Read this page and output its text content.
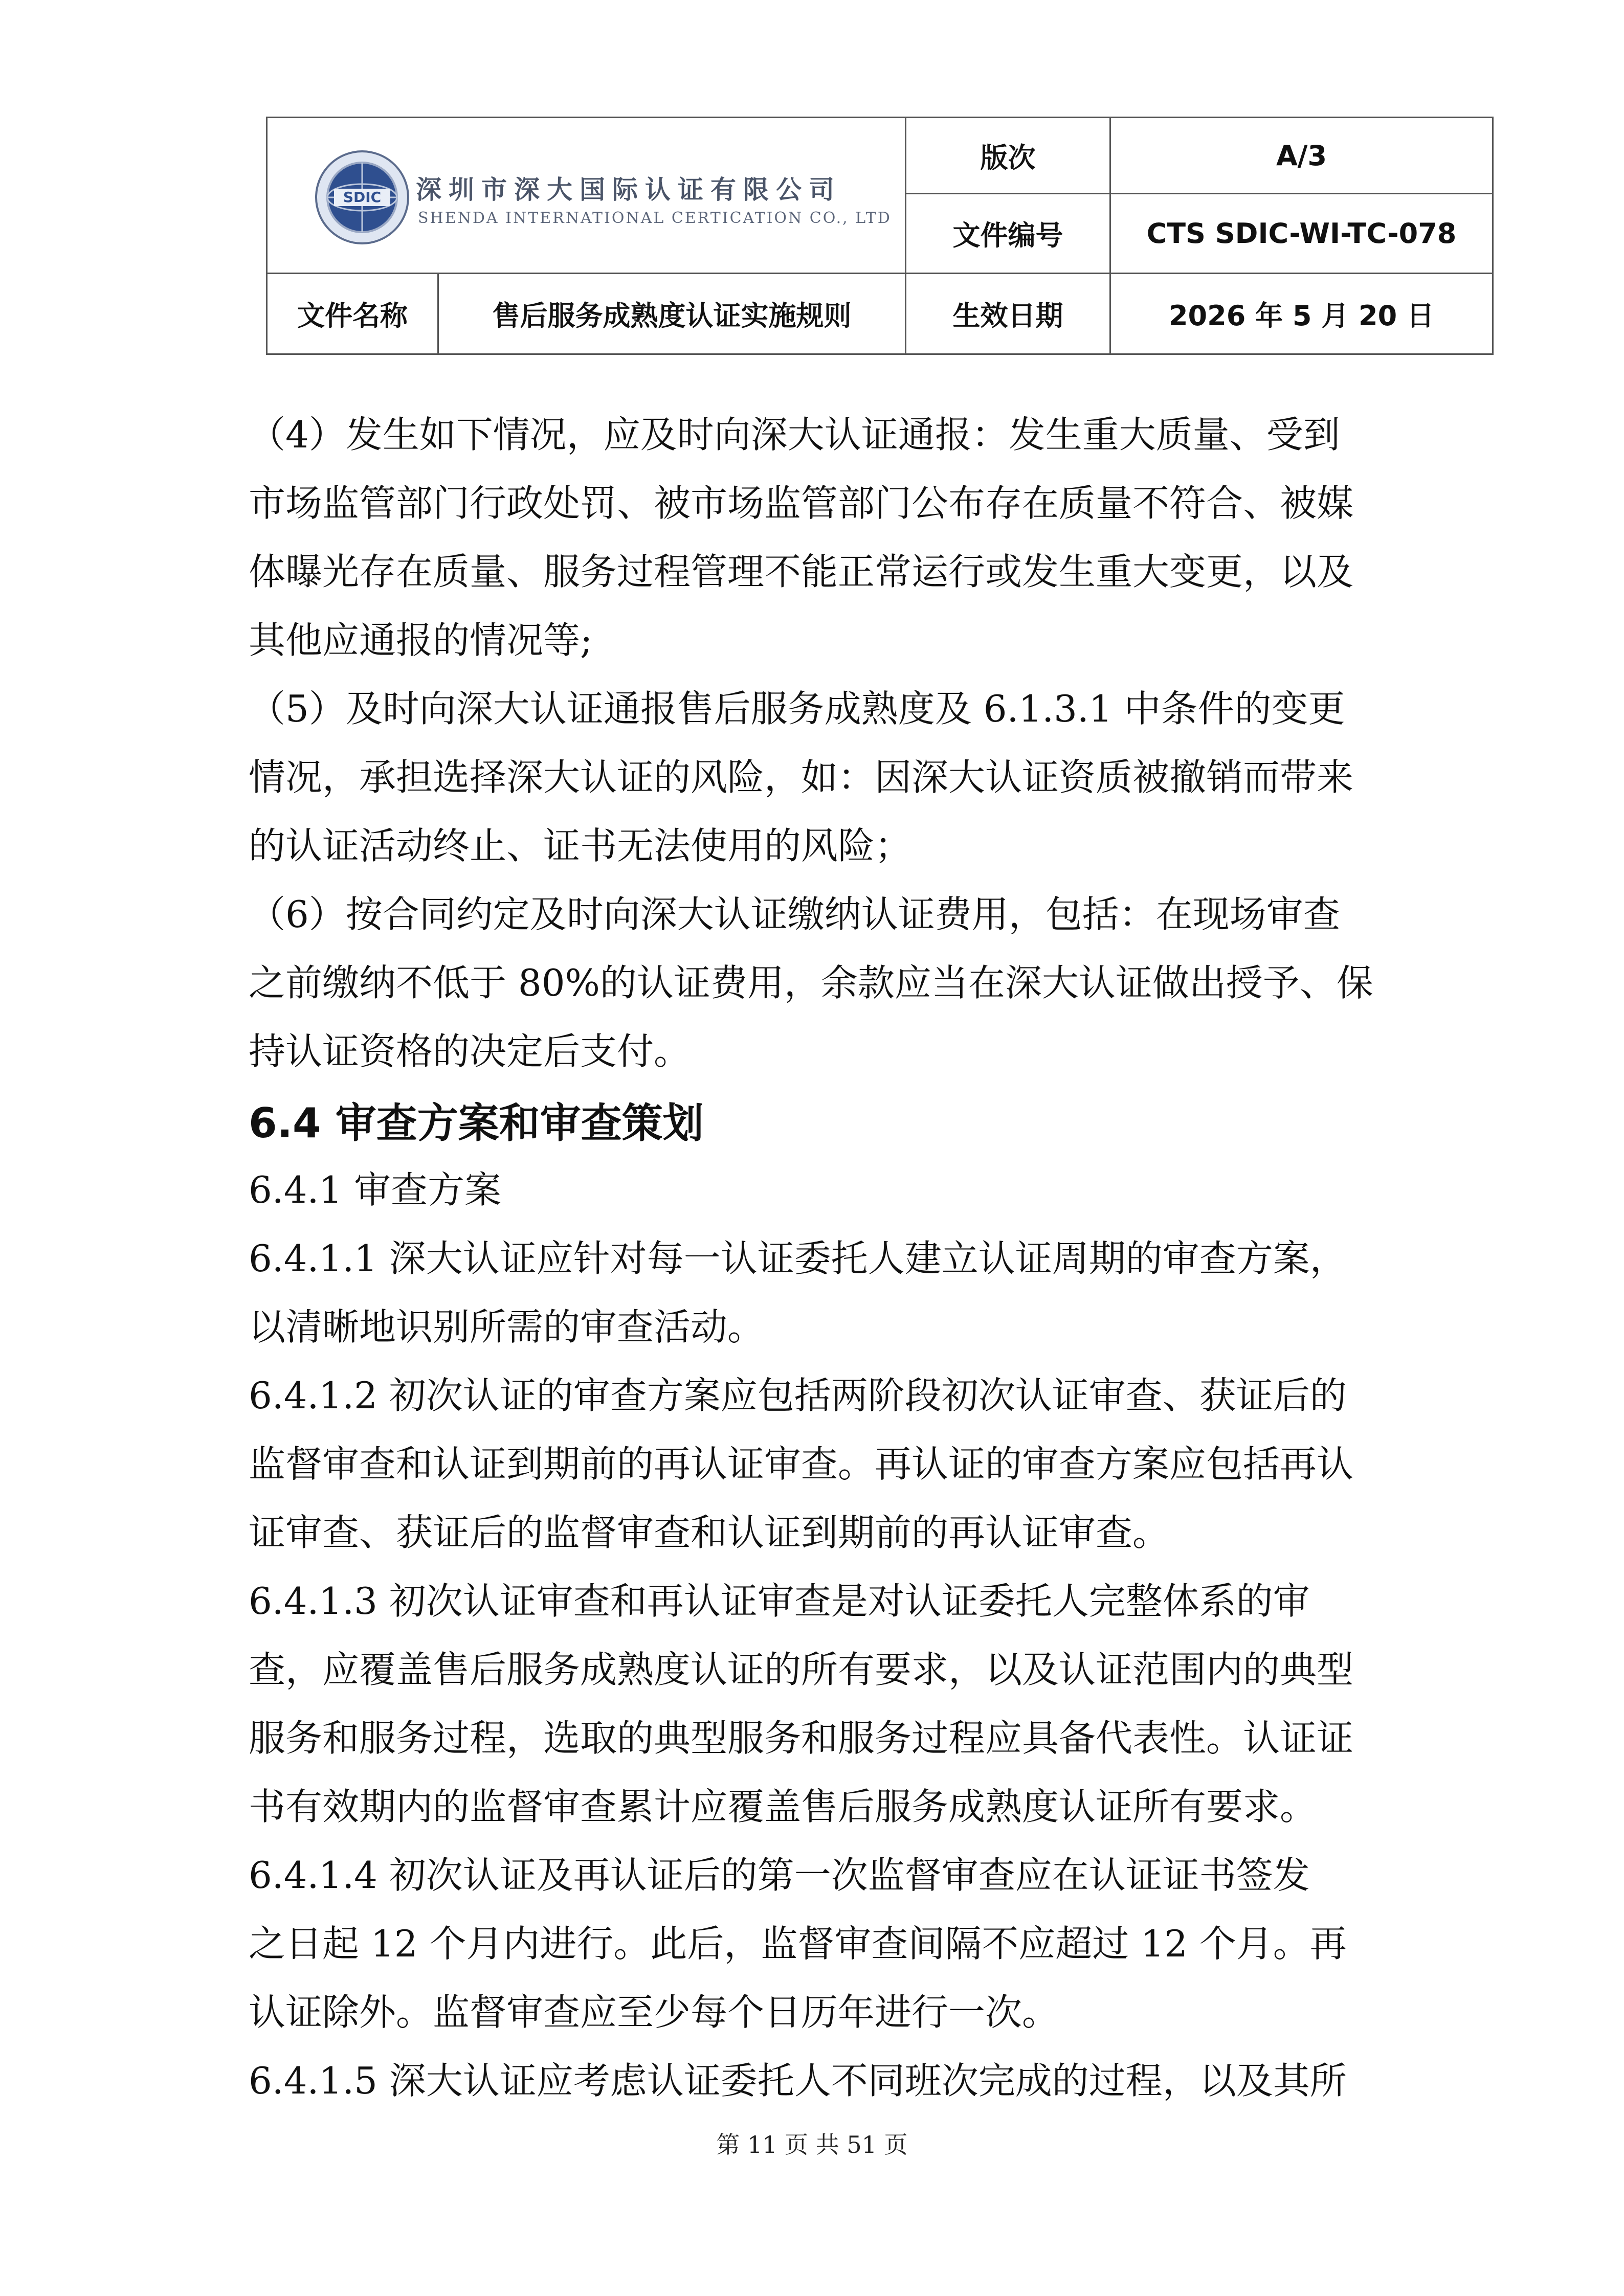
SDIC 深圳市深大国际认证有限公司
SHENDA INTERNATIONAL CERTICATION CO., LTD
版次	A/3
文件编号	CTS SDIC-WI-TC-078
文件名称	售后服务成熟度认证实施规则	生效日期	2026 年 5 月 20 日
（4）发生如下情况，应及时向深大认证通报：发生重大质量、受到
市场监管部门行政处罚、被市场监管部门公布存在质量不符合、被媒
体曝光存在质量、服务过程管理不能正常运行或发生重大变更，以及
其他应通报的情况等;
（5）及时向深大认证通报售后服务成熟度及 6.1.3.1 中条件的变更
情况，承担选择深大认证的风险，如：因深大认证资质被撤销而带来
的认证活动终止、证书无法使用的风险；
（6）按合同约定及时向深大认证缴纳认证费用，包括：在现场审查
之前缴纳不低于 80%的认证费用，余款应当在深大认证做出授予、保
持认证资格的决定后支付。
6.4 审查方案和审查策划
6.4.1 审查方案
6.4.1.1 深大认证应针对每一认证委托人建立认证周期的审查方案，
以清晰地识别所需的审查活动。
6.4.1.2 初次认证的审查方案应包括两阶段初次认证审查、获证后的
监督审查和认证到期前的再认证审查。再认证的审查方案应包括再认
证审查、获证后的监督审查和认证到期前的再认证审查。
6.4.1.3 初次认证审查和再认证审查是对认证委托人完整体系的审
查，应覆盖售后服务成熟度认证的所有要求，以及认证范围内的典型
服务和服务过程，选取的典型服务和服务过程应具备代表性。认证证
书有效期内的监督审查累计应覆盖售后服务成熟度认证所有要求。
6.4.1.4 初次认证及再认证后的第一次监督审查应在认证证书签发
之日起 12 个月内进行。此后，监督审查间隔不应超过 12 个月。再
认证除外。监督审查应至少每个日历年进行一次。
6.4.1.5 深大认证应考虑认证委托人不同班次完成的过程，以及其所
第 11 页 共 51 页
